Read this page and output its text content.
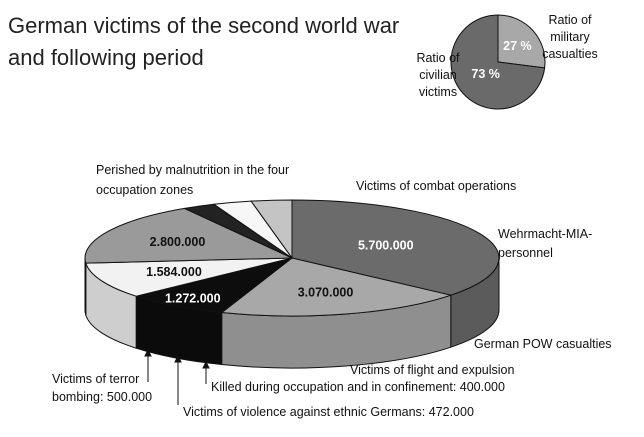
German victims of the second world war and following period
5.700.000
3.070.000
1.272.000
1.584.000
2.800.000
27 %
73 %
Ratio of
military
casualties
Ratio of
civilian
victims
Perished by malnutrition in the four
occupation zones	Victims of combat operations
Wehrmacht-MIA-
personnel
German POW casualties
Victims of flight and expulsion
Killed during occupation and in confinement: 400.000
Victims of violence against ethnic Germans: 472.000
Victims of terror
bombing: 500.000
